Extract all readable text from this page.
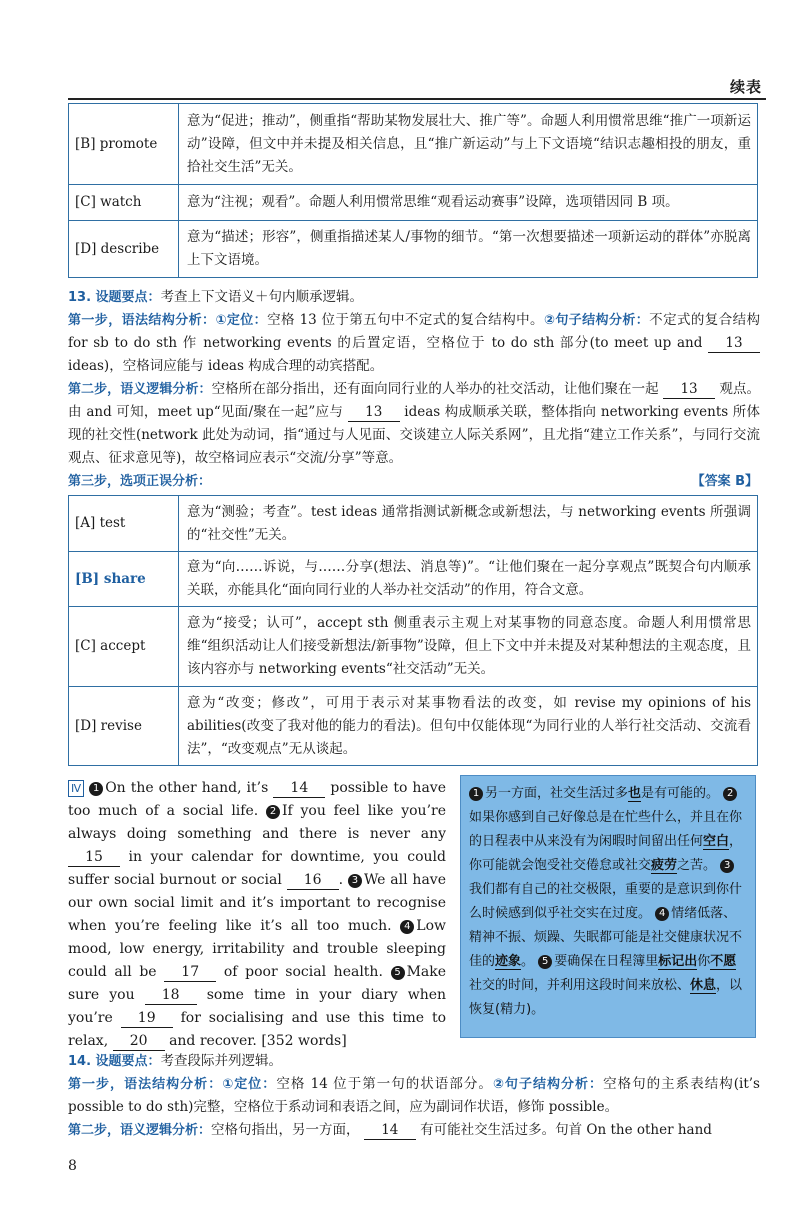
续表
[B] promote	意为“促进；推动”，侧重指“帮助某物发展壮大、推广等”。命题人利用惯常思维“推广一项新运动”设障，但文中并未提及相关信息，且“推广新运动”与上下文语境“结识志趣相投的朋友，重拾社交生活”无关。
[C] watch	意为“注视；观看”。命题人利用惯常思维“观看运动赛事”设障，选项错因同 B 项。
[D] describe	意为“描述；形容”，侧重指描述某人/事物的细节。“第一次想要描述一项新运动的群体”亦脱离上下文语境。
13. 设题要点：考查上下文语义＋句内顺承逻辑。
第一步，语法结构分析：①定位：空格 13 位于第五句中不定式的复合结构中。②句子结构分析：不定式的复合结构 for sb to do sth 作 networking events 的后置定语，空格位于 to do sth 部分(to meet up and 13 ideas)，空格词应能与 ideas 构成合理的动宾搭配。
第二步，语义逻辑分析：空格所在部分指出，还有面向同行业的人举办的社交活动，让他们聚在一起 13 观点。由 and 可知，meet up“见面/聚在一起”应与 13 ideas 构成顺承关联，整体指向 networking events 所体现的社交性(network 此处为动词，指“通过与人见面、交谈建立人际关系网”，且尤指“建立工作关系”，与同行交流观点、征求意见等)，故空格词应表示“交流/分享”等意。
第三步，选项正误分析：	【答案 B】
[A] test	意为“测验；考查”。test ideas 通常指测试新概念或新想法，与 networking events 所强调的“社交性”无关。
[B] share	意为“向……诉说，与……分享(想法、消息等)”。“让他们聚在一起分享观点”既契合句内顺承关联，亦能具化“面向同行业的人举办社交活动”的作用，符合文意。
[C] accept	意为“接受；认可”，accept sth 侧重表示主观上对某事物的同意态度。命题人利用惯常思维“组织活动让人们接受新想法/新事物”设障，但上下文中并未提及对某种想法的主观态度，且该内容亦与 networking events“社交活动”无关。
[D] revise	意为“改变；修改”，可用于表示对某事物看法的改变，如 revise my opinions of his abilities(改变了我对他的能力的看法)。但句中仅能体现“为同行业的人举行社交活动、交流看法”，“改变观点”无从谈起。
Ⅳ 1 On the other hand, it’s 14 possible to have too much of a social life. 2 If you feel like you’re always doing something and there is never any 15 in your calendar for downtime, you could suffer social burnout or social 16 . 3 We all have our own social limit and it’s important to recognise when you’re feeling like it’s all too much. 4 Low mood, low energy, irritability and trouble sleeping could all be 17 of poor social health. 5 Make sure you 18 some time in your diary when you’re 19 for socialising and use this time to relax, 20 and recover. [352 words]
1 另一方面，社交生活过多也是有可能的。 2如果你感到自己好像总是在忙些什么，并且在你的日程表中从来没有为闲暇时间留出任何空白，你可能就会饱受社交倦怠或社交疲劳之苦。 3我们都有自己的社交极限，重要的是意识到你什么时候感到似乎社交实在过度。 4 情绪低落、精神不振、烦躁、失眠都可能是社交健康状况不佳的迹象。 5 要确保在日程簿里标记出你不愿社交的时间，并利用这段时间来放松、休息，以恢复(精力)。
14. 设题要点：考查段际并列逻辑。
第一步，语法结构分析：①定位：空格 14 位于第一句的状语部分。②句子结构分析：空格句的主系表结构(it’s possible to do sth)完整，空格位于系动词和表语之间，应为副词作状语，修饰 possible。
第二步，语义逻辑分析：空格句指出，另一方面， 14 有可能社交生活过多。句首 On the other hand
8
